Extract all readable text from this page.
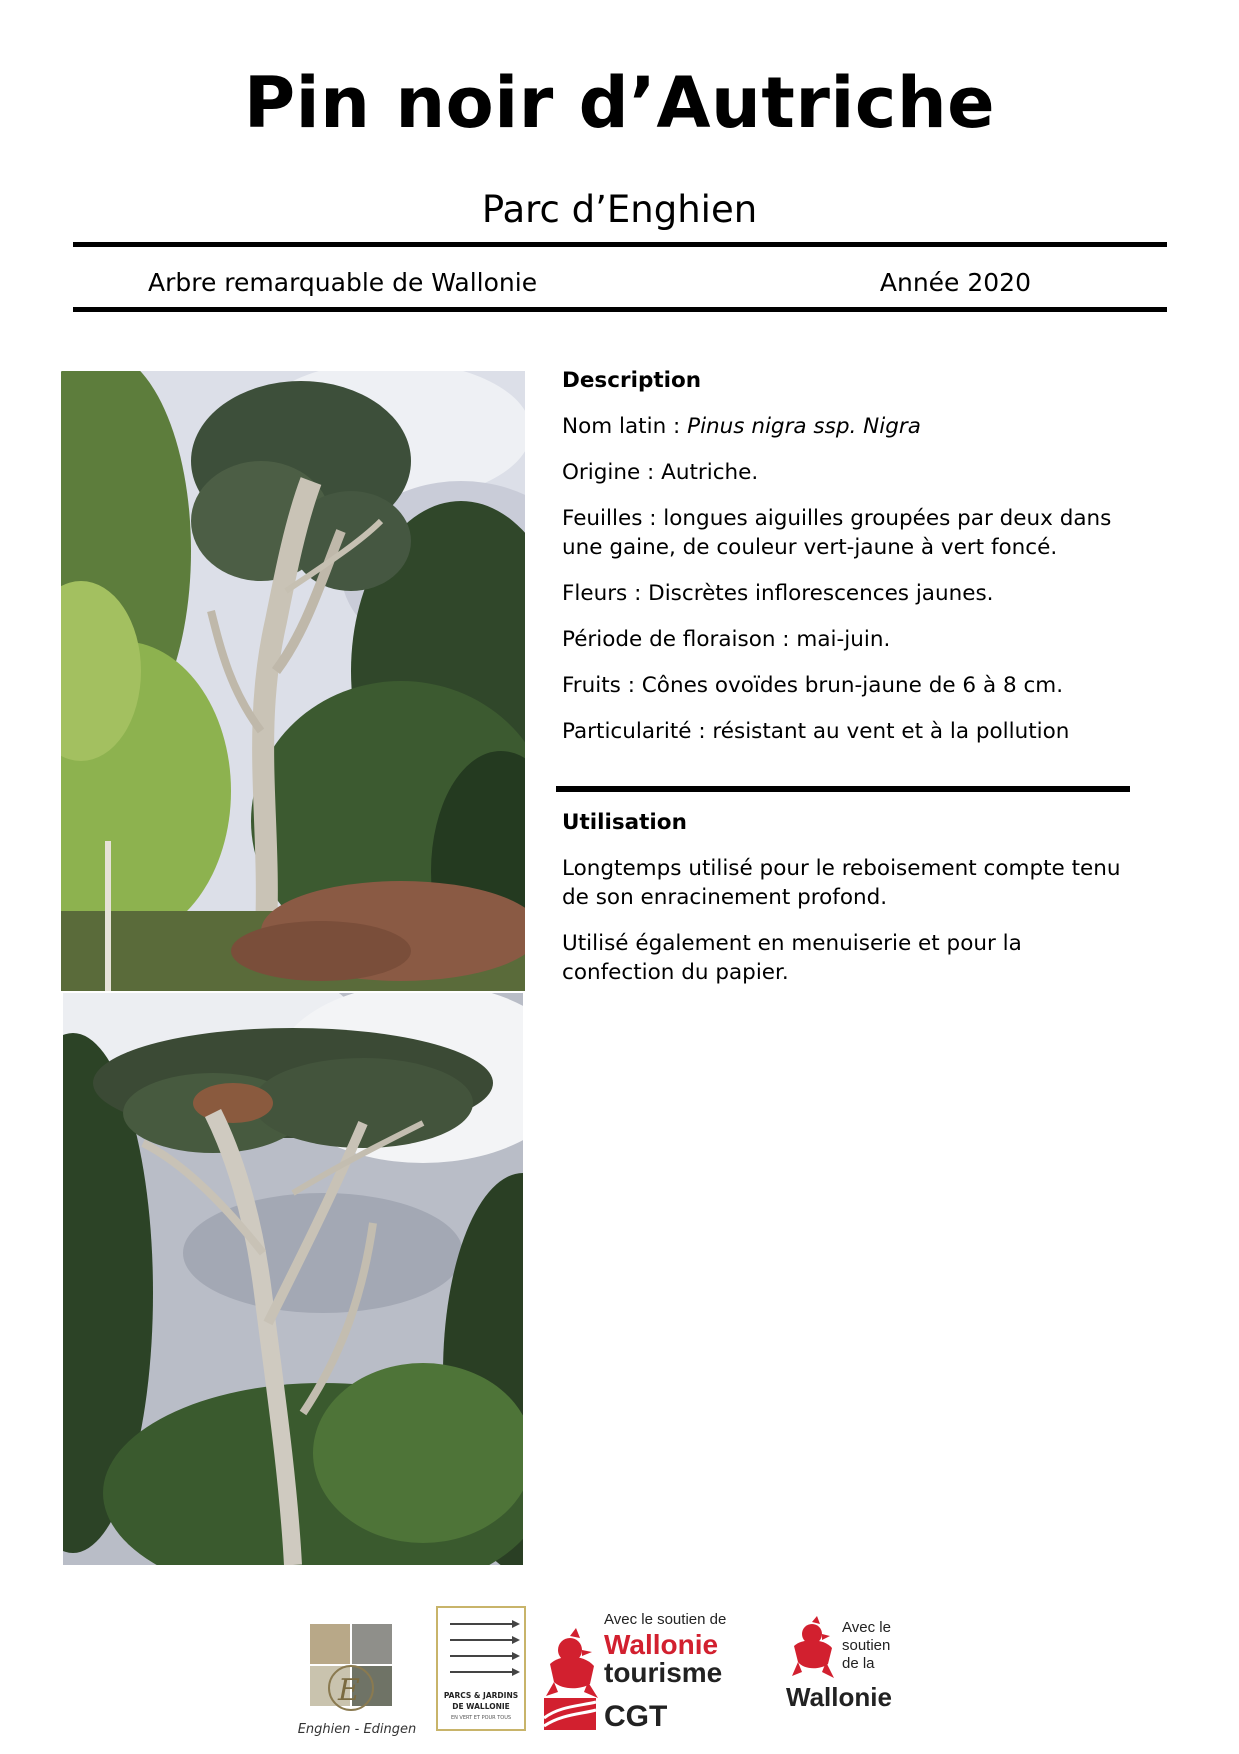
Pin noir d’Autriche
Parc d’Enghien
Arbre remarquable de Wallonie	Année 2020

Description

Nom latin : Pinus nigra ssp. Nigra

Origine : Autriche.

Feuilles : longues aiguilles groupées par deux dans une gaine, de couleur vert-jaune à vert foncé.

Fleurs : Discrètes inflorescences jaunes.

Période de floraison : mai-juin.

Fruits : Cônes ovoïdes brun-jaune de 6 à 8 cm.

Particularité : résistant au vent et à la pollution

Utilisation

Longtemps utilisé pour le reboisement compte tenu de son enracinement profond.

Utilisé également en menuiserie et pour la confection du papier.

E
Enghien - Edingen
PARCS & JARDINS
DE WALLONIE
EN VERT ET POUR TOUS
Avec le soutien de
Wallonie
tourisme
CGT
Avec le
soutien
de la
Wallonie
